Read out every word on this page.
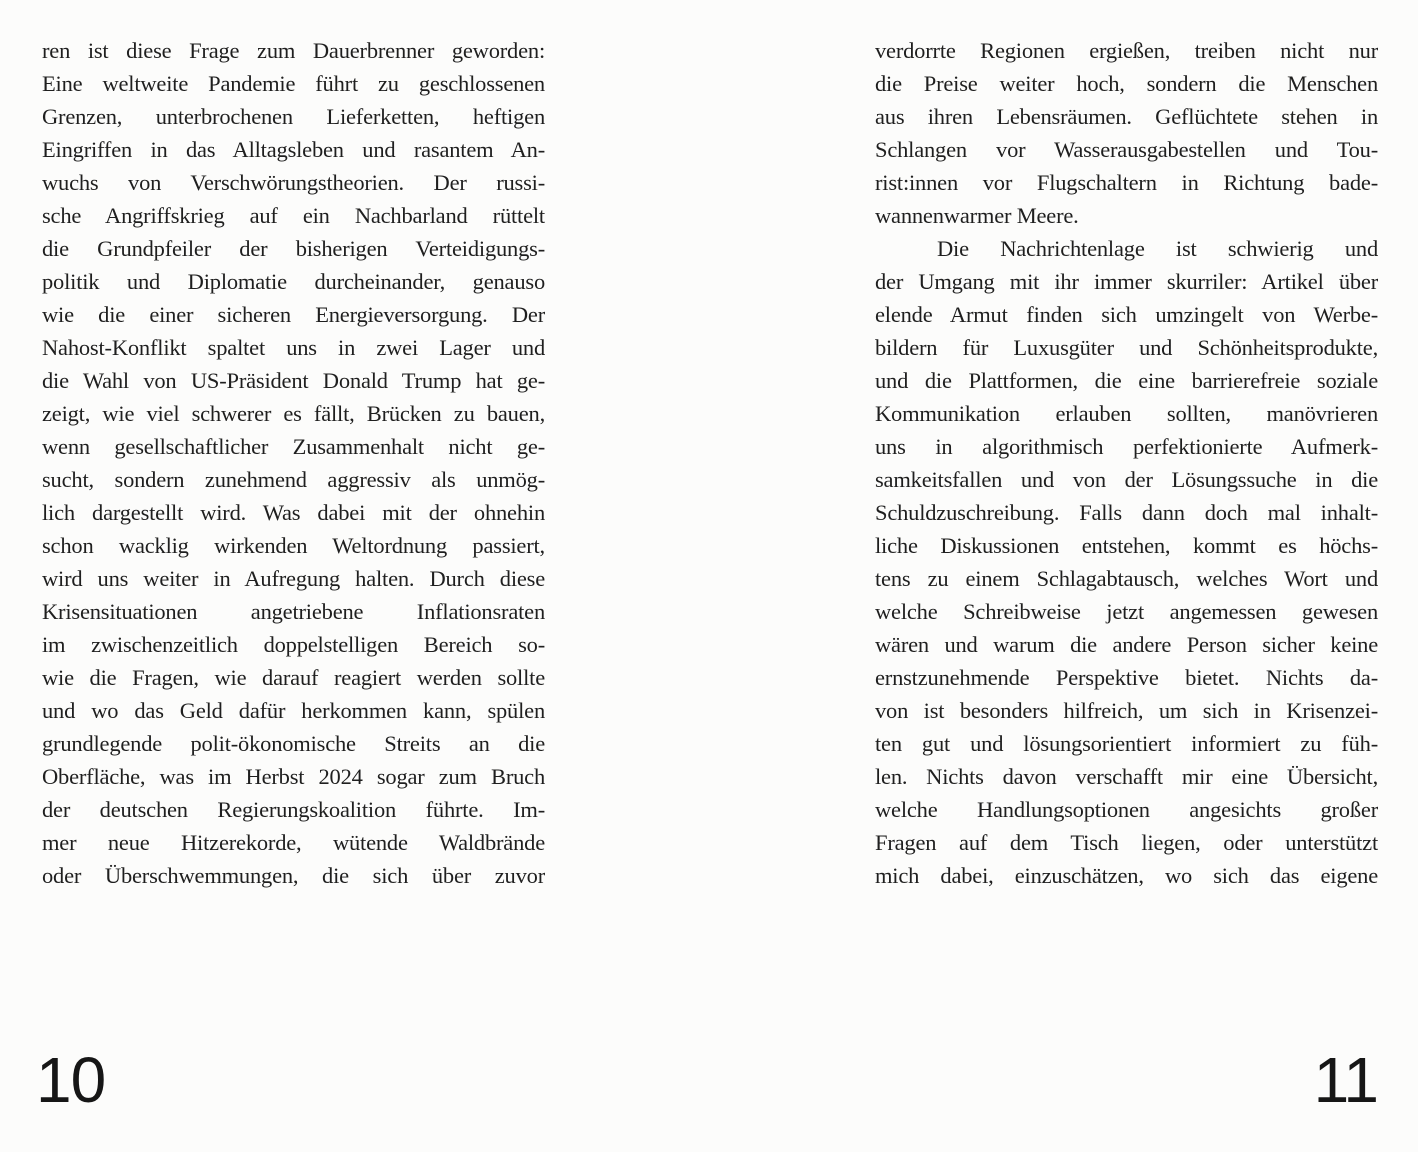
ren ist diese Frage zum Dauerbrenner geworden:
Eine weltweite Pandemie führt zu geschlossenen
Grenzen, unterbrochenen Lieferketten, heftigen
Eingriffen in das Alltagsleben und rasantem An-
wuchs von Verschwörungstheorien. Der russi-
sche Angriffskrieg auf ein Nachbarland rüttelt
die Grundpfeiler der bisherigen Verteidigungs-
politik und Diplomatie durcheinander, genauso
wie die einer sicheren Energieversorgung. Der
Nahost-Konflikt spaltet uns in zwei Lager und
die Wahl von US-Präsident Donald Trump hat ge-
zeigt, wie viel schwerer es fällt, Brücken zu bauen,
wenn gesellschaftlicher Zusammenhalt nicht ge-
sucht, sondern zunehmend aggressiv als unmög-
lich dargestellt wird. Was dabei mit der ohnehin
schon wacklig wirkenden Weltordnung passiert,
wird uns weiter in Aufregung halten. Durch diese
Krisensituationen angetriebene Inflationsraten
im zwischenzeitlich doppelstelligen Bereich so-
wie die Fragen, wie darauf reagiert werden sollte
und wo das Geld dafür herkommen kann, spülen
grundlegende polit-ökonomische Streits an die
Oberfläche, was im Herbst 2024 sogar zum Bruch
der deutschen Regierungskoalition führte. Im-
mer neue Hitzerekorde, wütende Waldbrände
oder Überschwemmungen, die sich über zuvor
verdorrte Regionen ergießen, treiben nicht nur
die Preise weiter hoch, sondern die Menschen
aus ihren Lebensräumen. Geflüchtete stehen in
Schlangen vor Wasserausgabestellen und Tou-
rist:innen vor Flugschaltern in Richtung bade-
wannenwarmer Meere.
Die Nachrichtenlage ist schwierig und
der Umgang mit ihr immer skurriler: Artikel über
elende Armut finden sich umzingelt von Werbe-
bildern für Luxusgüter und Schönheitsprodukte,
und die Plattformen, die eine barrierefreie soziale
Kommunikation erlauben sollten, manövrieren
uns in algorithmisch perfektionierte Aufmerk-
samkeitsfallen und von der Lösungssuche in die
Schuldzuschreibung. Falls dann doch mal inhalt-
liche Diskussionen entstehen, kommt es höchs-
tens zu einem Schlagabtausch, welches Wort und
welche Schreibweise jetzt angemessen gewesen
wären und warum die andere Person sicher keine
ernstzunehmende Perspektive bietet. Nichts da-
von ist besonders hilfreich, um sich in Krisenzei-
ten gut und lösungsorientiert informiert zu füh-
len. Nichts davon verschafft mir eine Übersicht,
welche Handlungsoptionen angesichts großer
Fragen auf dem Tisch liegen, oder unterstützt
mich dabei, einzuschätzen, wo sich das eigene
10	11
